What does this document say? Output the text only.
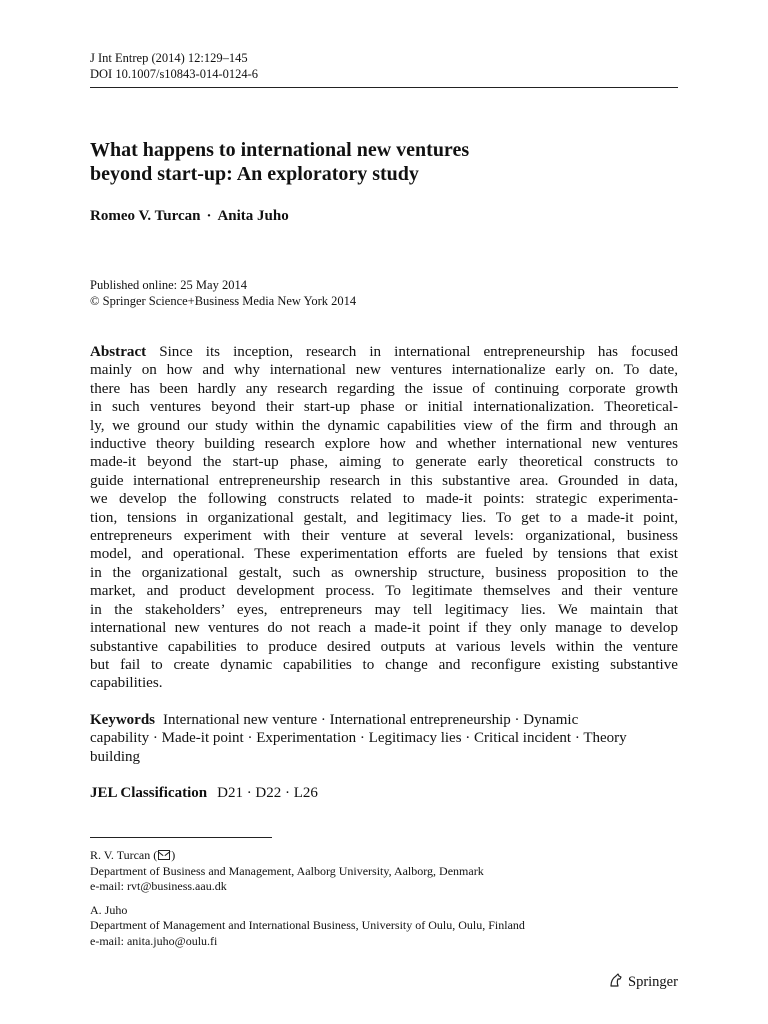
J Int Entrep (2014) 12:129–145
DOI 10.1007/s10843-014-0124-6
What happens to international new ventures
beyond start-up: An exploratory study
Romeo V. Turcan · Anita Juho
Published online: 25 May 2014
© Springer Science+Business Media New York 2014
Abstract Since its inception, research in international entrepreneurship has focused
mainly on how and why international new ventures internationalize early on. To date,
there has been hardly any research regarding the issue of continuing corporate growth
in such ventures beyond their start-up phase or initial internationalization. Theoretical-
ly, we ground our study within the dynamic capabilities view of the firm and through an
inductive theory building research explore how and whether international new ventures
made-it beyond the start-up phase, aiming to generate early theoretical constructs to
guide international entrepreneurship research in this substantive area. Grounded in data,
we develop the following constructs related to made-it points: strategic experimenta-
tion, tensions in organizational gestalt, and legitimacy lies. To get to a made-it point,
entrepreneurs experiment with their venture at several levels: organizational, business
model, and operational. These experimentation efforts are fueled by tensions that exist
in the organizational gestalt, such as ownership structure, business proposition to the
market, and product development process. To legitimate themselves and their venture
in the stakeholders’ eyes, entrepreneurs may tell legitimacy lies. We maintain that
international new ventures do not reach a made-it point if they only manage to develop
substantive capabilities to produce desired outputs at various levels within the venture
but fail to create dynamic capabilities to change and reconfigure existing substantive
capabilities.
Keywords International new venture · International entrepreneurship · Dynamic
capability · Made-it point · Experimentation · Legitimacy lies · Critical incident · Theory
building
JEL Classification D21 · D22 · L26
R. V. Turcan ( )
Department of Business and Management, Aalborg University, Aalborg, Denmark
e-mail: rvt@business.aau.dk
A. Juho
Department of Management and International Business, University of Oulu, Oulu, Finland
e-mail: anita.juho@oulu.fi
Springer
